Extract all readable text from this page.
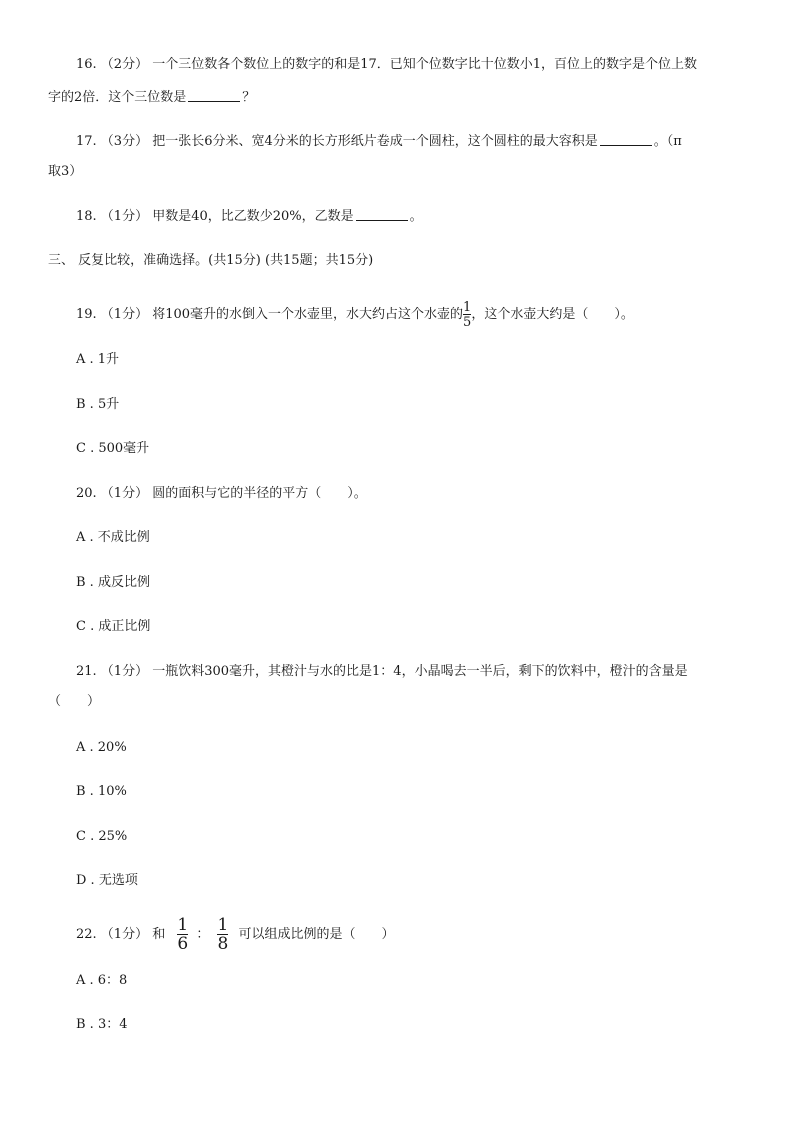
16. （2分） 一个三位数各个数位上的数字的和是17．已知个位数字比十位数小1，百位上的数字是个位上数
字的2倍．这个三位数是	？
17. （3分） 把一张长6分米、宽4分米的长方形纸片卷成一个圆柱，这个圆柱的最大容积是	。（π
取3）
18. （1分） 甲数是40，比乙数少20%，乙数是	。
三、 反复比较，准确选择。(共15分) (共15题；共15分)
19. （1分） 将100毫升的水倒入一个水壶里，水大约占这个水壶的 $\frac{1}{5}$ ，这个水壶大约是（ ）。
A . 1升
B . 5升
C . 500毫升
20. （1分） 圆的面积与它的半径的平方（ ）。
A . 不成比例
B . 成反比例
C . 成正比例
21. （1分） 一瓶饮料300毫升，其橙汁与水的比是1：4，小晶喝去一半后，剩下的饮料中，橙汁的含量是
（ ）
A . 20%
B . 10%
C . 25%
D . 无选项
22. （1分） 和 $\frac{1}{6}$ ： $\frac{1}{8}$ 可以组成比例的是（ ）
A . 6：8
B . 3：4
